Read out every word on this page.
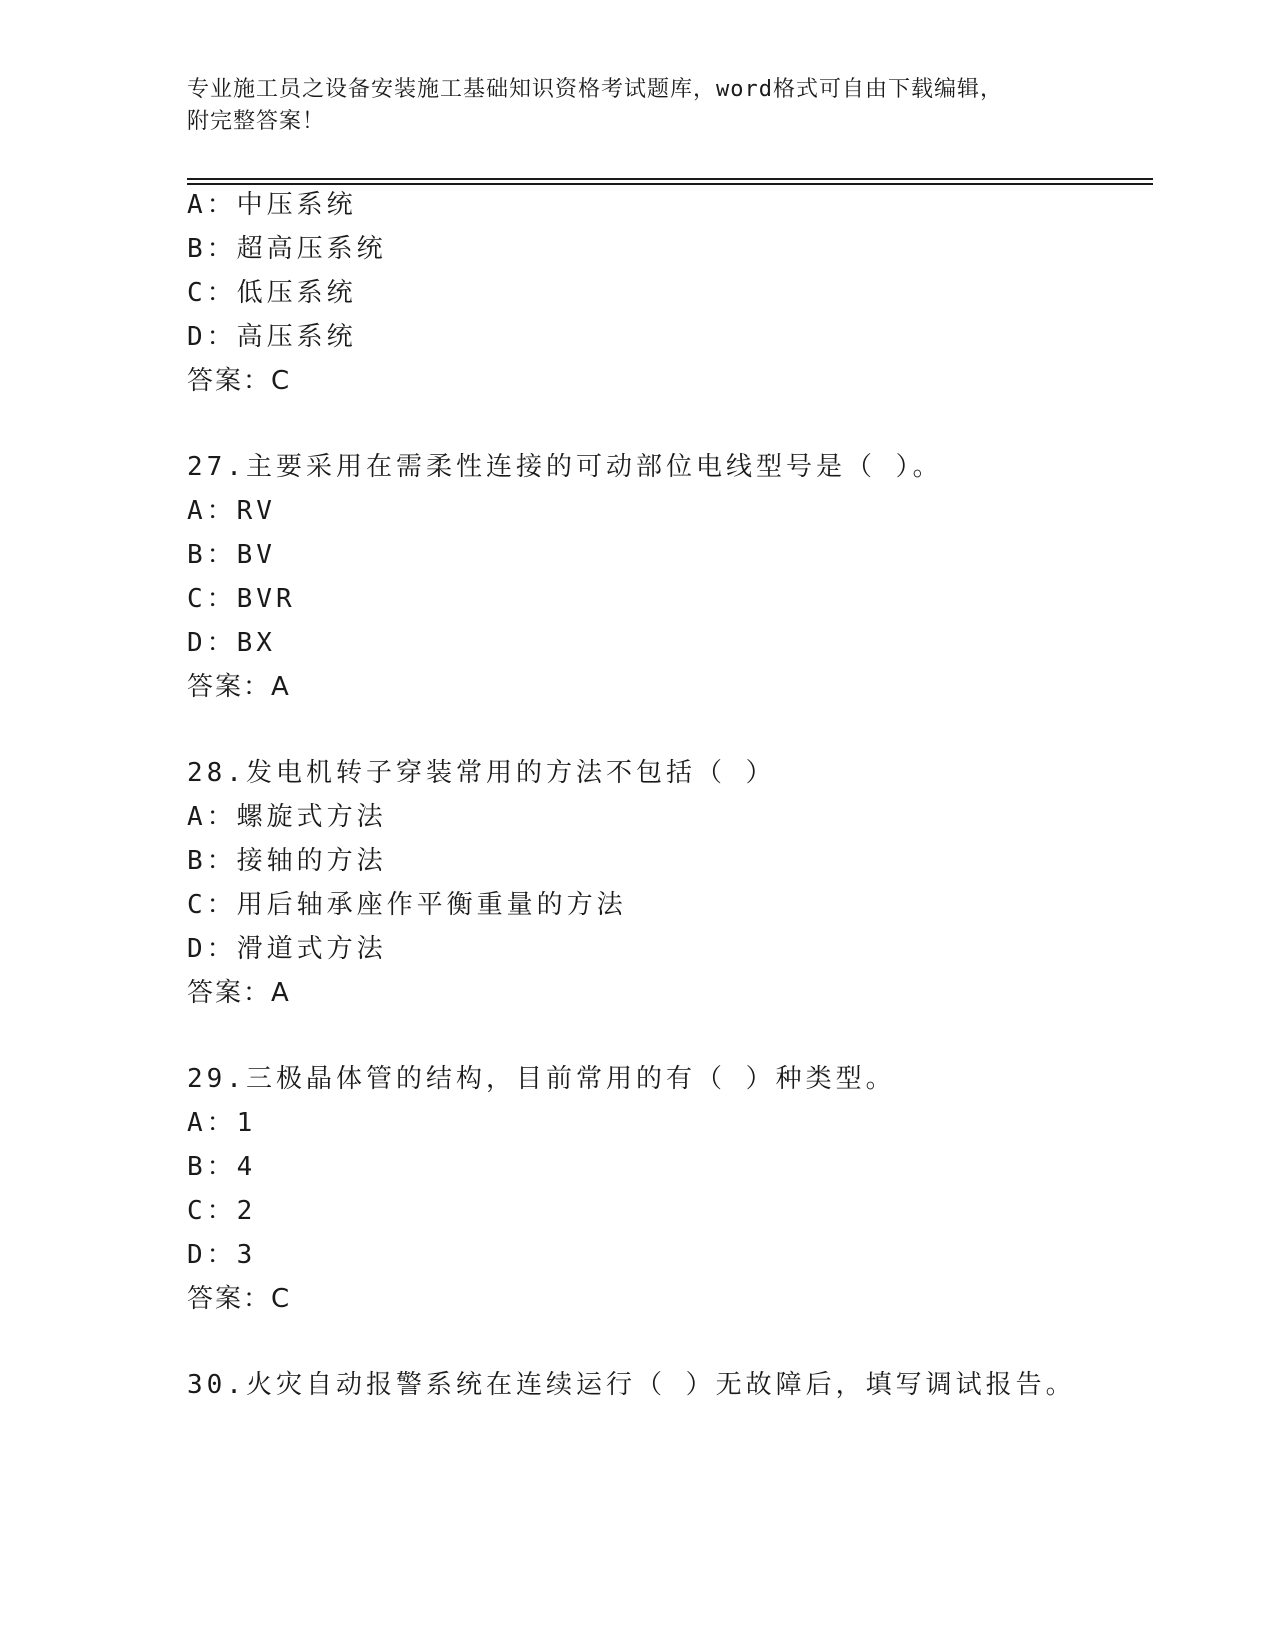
专业施工员之设备安装施工基础知识资格考试题库，word格式可自由下载编辑，
附完整答案！
A：中压系统
B：超高压系统
C：低压系统
D：高压系统
答案：C
27.主要采用在需柔性连接的可动部位电线型号是（ ）。
A：RV
B：BV
C：BVR
D：BX
答案：A
28.发电机转子穿装常用的方法不包括（ ）
A：螺旋式方法
B：接轴的方法
C：用后轴承座作平衡重量的方法
D：滑道式方法
答案：A
29.三极晶体管的结构，目前常用的有（ ）种类型。
A：1
B：4
C：2
D：3
答案：C
30.火灾自动报警系统在连续运行（ ）无故障后，填写调试报告。
